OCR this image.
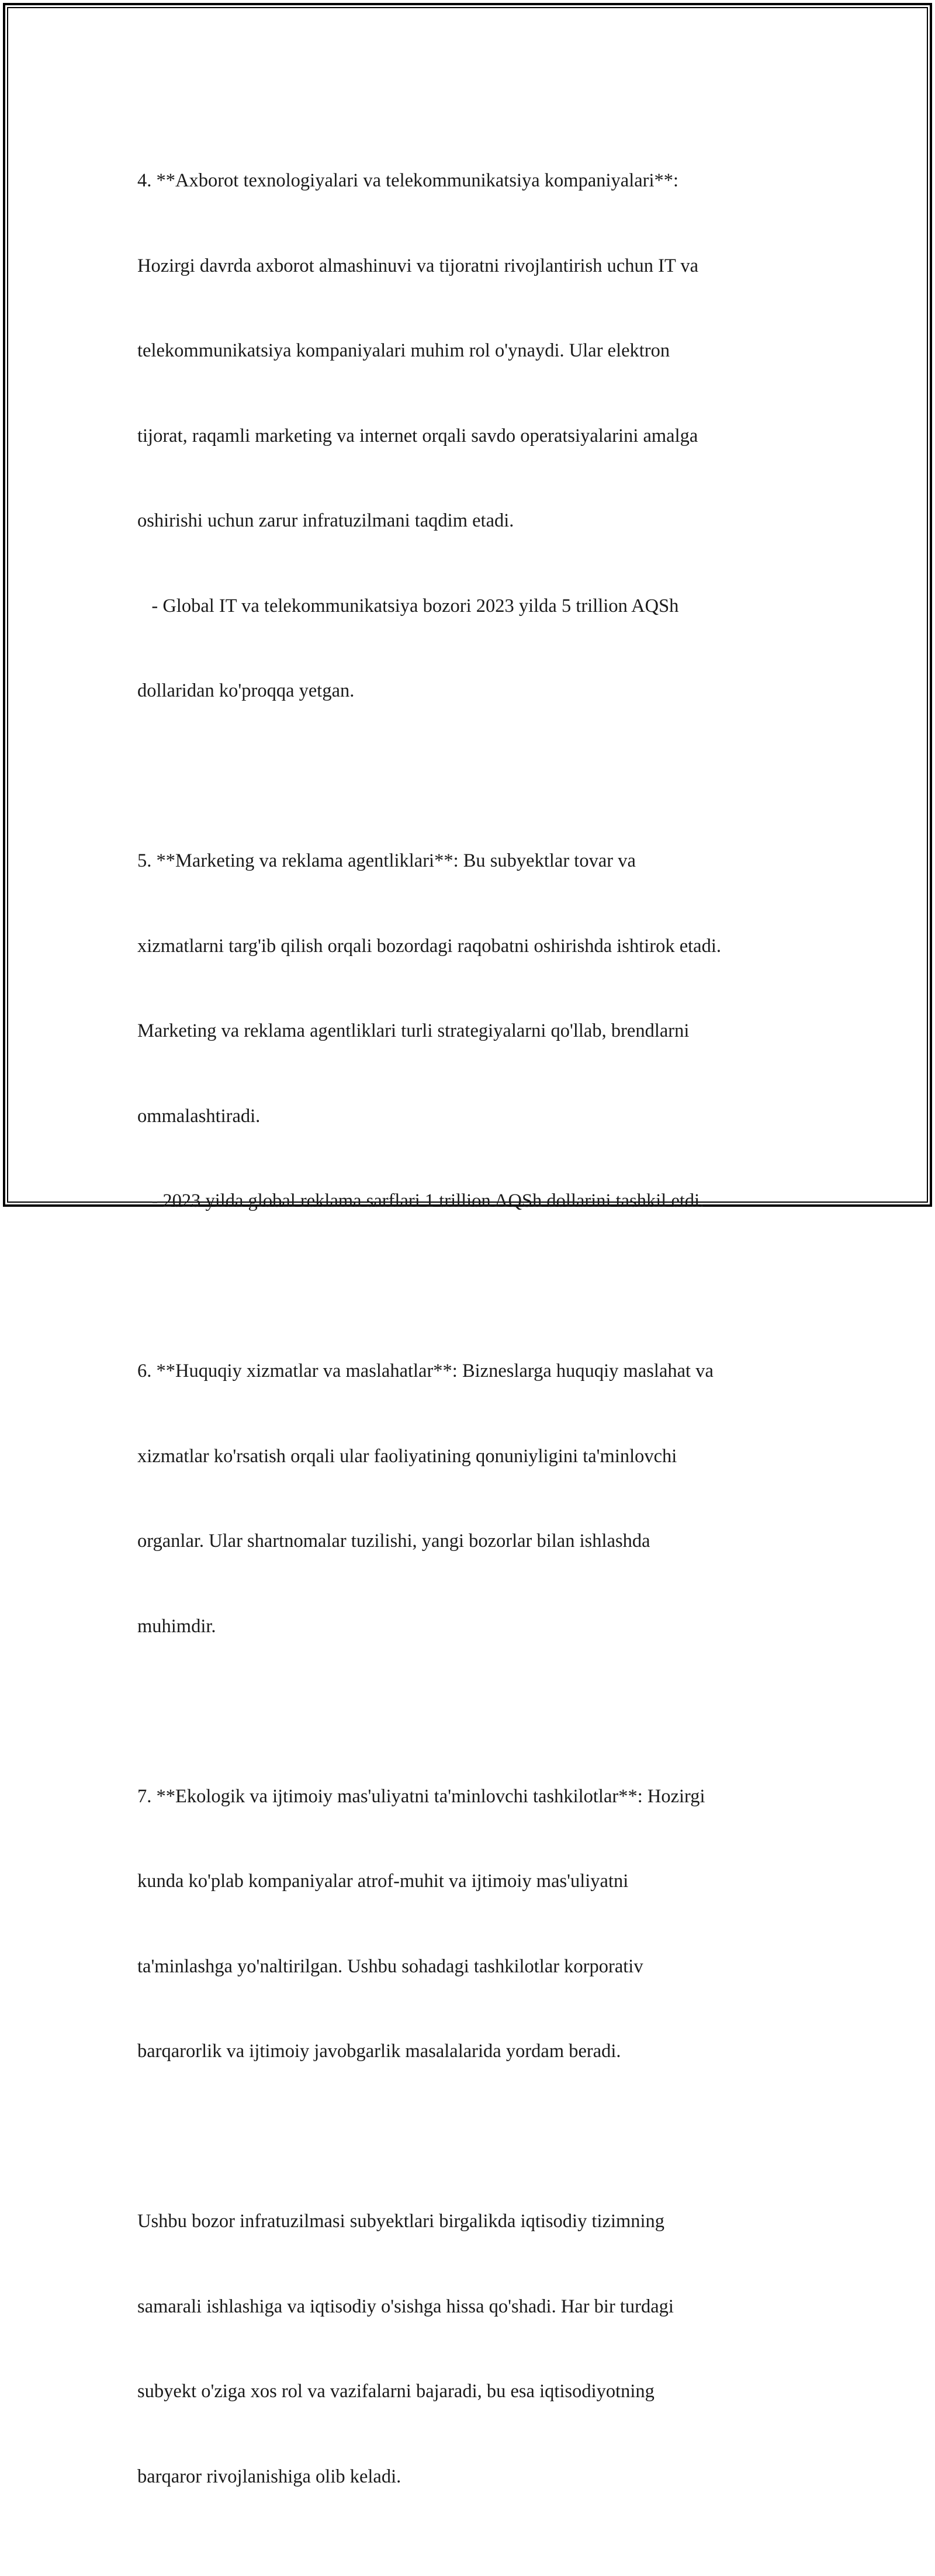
4. **Axborot texnologiyalari va telekommunikatsiya kompaniyalari**:

Hozirgi davrda axborot almashinuvi va tijoratni rivojlantirish uchun IT va

telekommunikatsiya kompaniyalari muhim rol o'ynaydi. Ular elektron

tijorat, raqamli marketing va internet orqali savdo operatsiyalarini amalga

oshirishi uchun zarur infratuzilmani taqdim etadi.

- Global IT va telekommunikatsiya bozori 2023 yilda 5 trillion AQSh

dollaridan ko'proqqa yetgan.

5. **Marketing va reklama agentliklari**: Bu subyektlar tovar va

xizmatlarni targ'ib qilish orqali bozordagi raqobatni oshirishda ishtirok etadi.

Marketing va reklama agentliklari turli strategiyalarni qo'llab, brendlarni

ommalashtiradi.

- 2023 yilda global reklama sarflari 1 trillion AQSh dollarini tashkil etdi.

6. **Huquqiy xizmatlar va maslahatlar**: Bizneslarga huquqiy maslahat va

xizmatlar ko'rsatish orqali ular faoliyatining qonuniyligini ta'minlovchi

organlar. Ular shartnomalar tuzilishi, yangi bozorlar bilan ishlashda

muhimdir.

7. **Ekologik va ijtimoiy mas'uliyatni ta'minlovchi tashkilotlar**: Hozirgi

kunda ko'plab kompaniyalar atrof-muhit va ijtimoiy mas'uliyatni

ta'minlashga yo'naltirilgan. Ushbu sohadagi tashkilotlar korporativ

barqarorlik va ijtimoiy javobgarlik masalalarida yordam beradi.

Ushbu bozor infratuzilmasi subyektlari birgalikda iqtisodiy tizimning

samarali ishlashiga va iqtisodiy o'sishga hissa qo'shadi. Har bir turdagi

subyekt o'ziga xos rol va vazifalarni bajaradi, bu esa iqtisodiyotning

barqaror rivojlanishiga olib keladi.
